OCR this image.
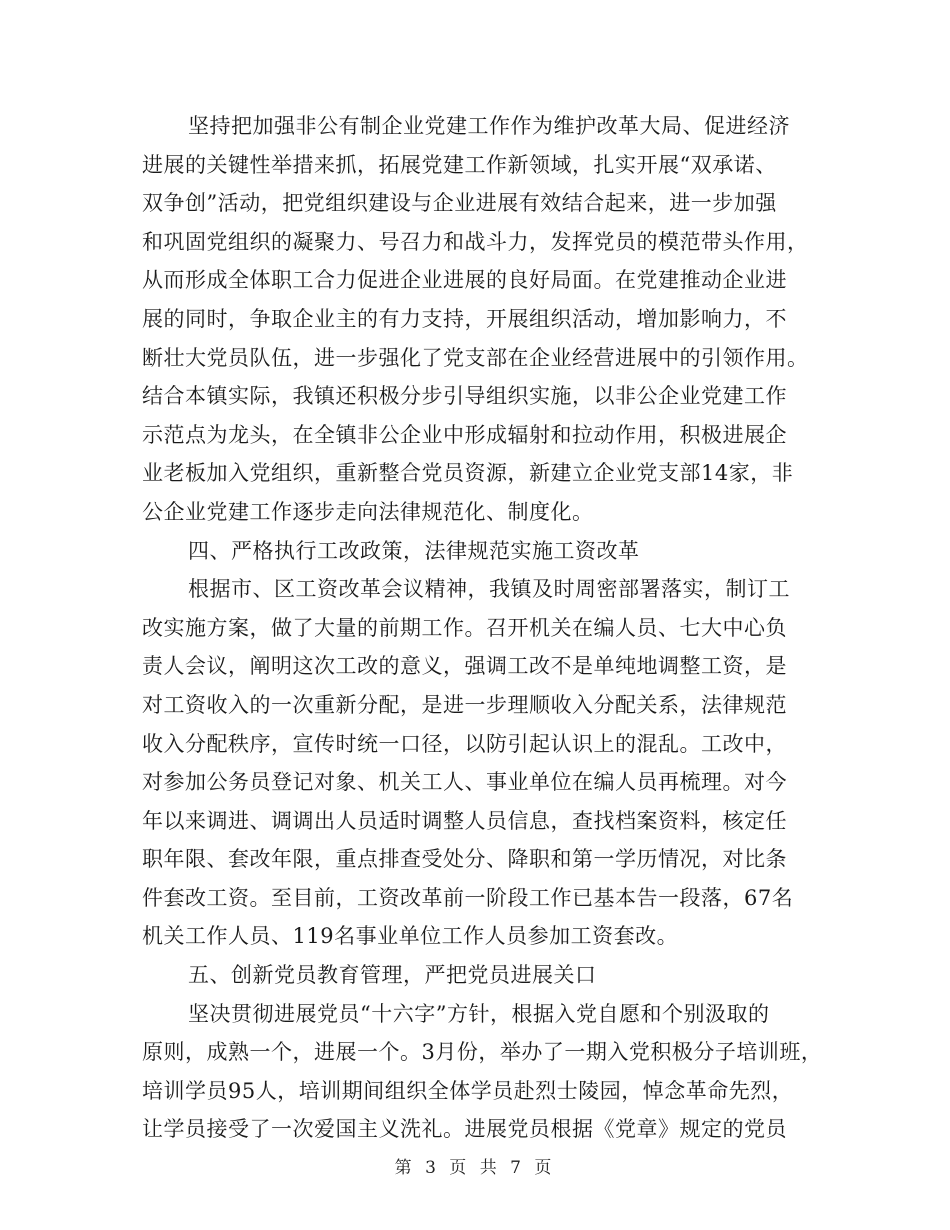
坚持把加强非公有制企业党建工作作为维护改革大局、促进经济
进展的关键性举措来抓，拓展党建工作新领域，扎实开展“双承诺、
双争创”活动，把党组织建设与企业进展有效结合起来，进一步加强
和巩固党组织的凝聚力、号召力和战斗力，发挥党员的模范带头作用，
从而形成全体职工合力促进企业进展的良好局面。在党建推动企业进
展的同时，争取企业主的有力支持，开展组织活动，增加影响力，不
断壮大党员队伍，进一步强化了党支部在企业经营进展中的引领作用。
结合本镇实际，我镇还积极分步引导组织实施，以非公企业党建工作
示范点为龙头，在全镇非公企业中形成辐射和拉动作用，积极进展企
业老板加入党组织，重新整合党员资源，新建立企业党支部14家，非
公企业党建工作逐步走向法律规范化、制度化。
四、严格执行工改政策，法律规范实施工资改革
根据市、区工资改革会议精神，我镇及时周密部署落实，制订工
改实施方案，做了大量的前期工作。召开机关在编人员、七大中心负
责人会议，阐明这次工改的意义，强调工改不是单纯地调整工资，是
对工资收入的一次重新分配，是进一步理顺收入分配关系，法律规范
收入分配秩序，宣传时统一口径，以防引起认识上的混乱。工改中，
对参加公务员登记对象、机关工人、事业单位在编人员再梳理。对今
年以来调进、调调出人员适时调整人员信息，查找档案资料，核定任
职年限、套改年限，重点排查受处分、降职和第一学历情况，对比条
件套改工资。至目前，工资改革前一阶段工作已基本告一段落，67名
机关工作人员、119名事业单位工作人员参加工资套改。
五、创新党员教育管理，严把党员进展关口
坚决贯彻进展党员“十六字”方针，根据入党自愿和个别汲取的
原则，成熟一个，进展一个。3月份，举办了一期入党积极分子培训班，
培训学员95人，培训期间组织全体学员赴烈士陵园，悼念革命先烈，
让学员接受了一次爱国主义洗礼。进展党员根据《党章》规定的党员
第 3 页 共 7 页
